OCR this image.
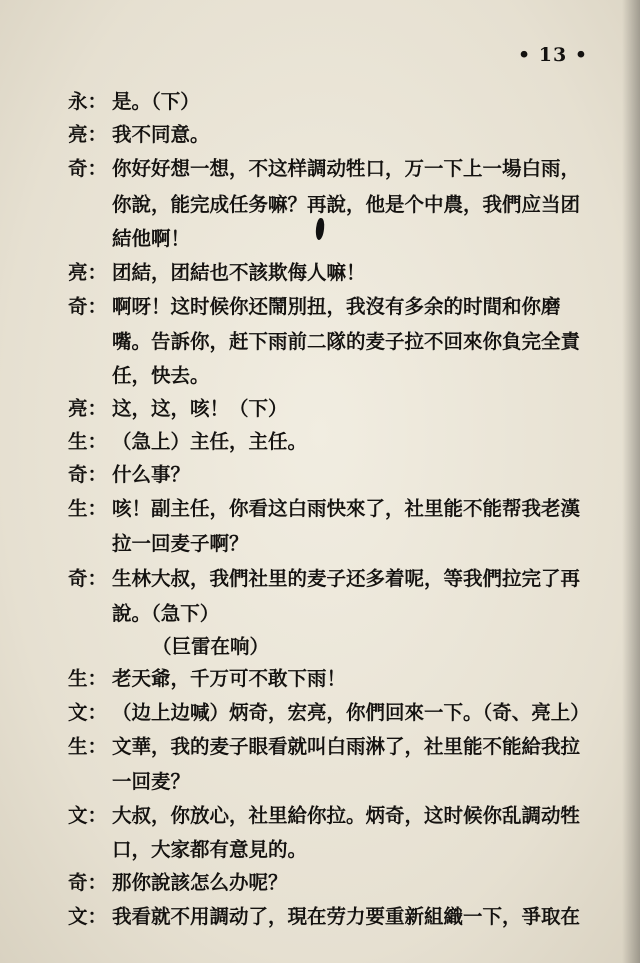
• 13 •
永： 是。（下）
亮： 我不同意。
奇： 你好好想一想，不这样調动牲口，万一下上一場白雨，
你說，能完成任务嘛？再說，他是个中農，我們应当团
結他啊！
亮： 团結，团結也不該欺侮人嘛！
奇： 啊呀！这时候你还鬧別扭，我沒有多余的时間和你磨
嘴。告訴你，赶下雨前二隊的麦子拉不回來你負完全責
任，快去。
亮： 这，这，咳！（下）
生： （急上）主任，主任。
奇： 什么事？
生： 咳！副主任，你看这白雨快來了，社里能不能帮我老漢
拉一回麦子啊？
奇： 生林大叔，我們社里的麦子还多着呢，等我們拉完了再
說。（急下）
（巨雷在响）
生： 老天爺，千万可不敢下雨！
文： （边上边喊）炳奇，宏亮，你們回來一下。（奇、亮上）
生： 文華，我的麦子眼看就叫白雨淋了，社里能不能給我拉
一回麦？
文： 大叔，你放心，社里給你拉。炳奇，这时候你乱調动牲
口，大家都有意見的。
奇： 那你說該怎么办呢？
文： 我看就不用調动了，現在劳力要重新組織一下，爭取在
